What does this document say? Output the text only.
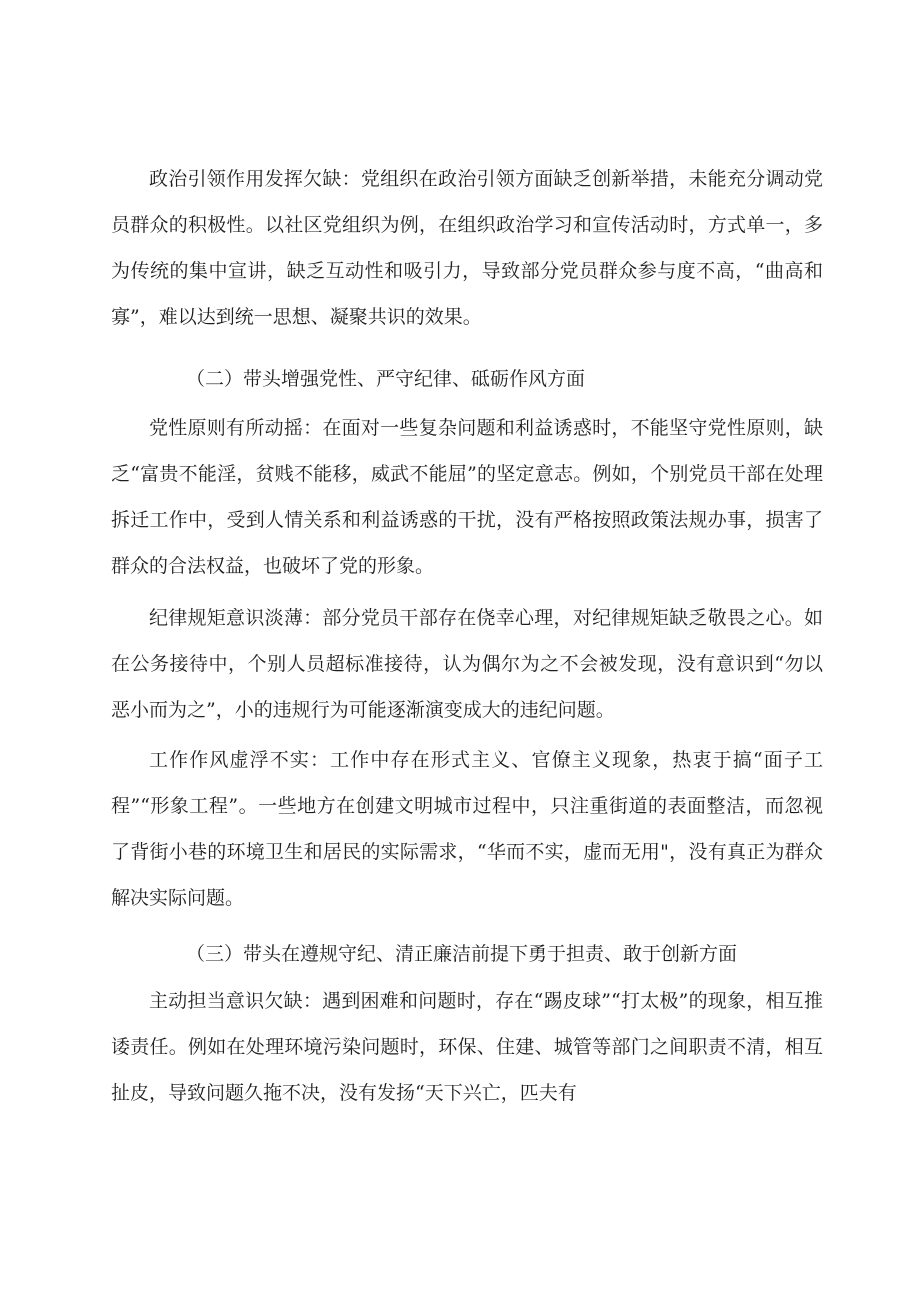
政治引领作用发挥欠缺：党组织在政治引领方面缺乏创新举措，未能充分调动党员群众的积极性。以社区党组织为例，在组织政治学习和宣传活动时，方式单一，多为传统的集中宣讲，缺乏互动性和吸引力，导致部分党员群众参与度不高，“曲高和寡”，难以达到统一思想、凝聚共识的效果。

（二）带头增强党性、严守纪律、砥砺作风方面

党性原则有所动摇：在面对一些复杂问题和利益诱惑时，不能坚守党性原则，缺乏“富贵不能淫，贫贱不能移，威武不能屈”的坚定意志。例如，个别党员干部在处理拆迁工作中，受到人情关系和利益诱惑的干扰，没有严格按照政策法规办事，损害了群众的合法权益，也破坏了党的形象。

纪律规矩意识淡薄：部分党员干部存在侥幸心理，对纪律规矩缺乏敬畏之心。如在公务接待中，个别人员超标准接待，认为偶尔为之不会被发现，没有意识到“勿以恶小而为之”，小的违规行为可能逐渐演变成大的违纪问题。

工作作风虚浮不实：工作中存在形式主义、官僚主义现象，热衷于搞“面子工程”“形象工程”。一些地方在创建文明城市过程中，只注重街道的表面整洁，而忽视了背街小巷的环境卫生和居民的实际需求，“华而不实，虚而无用"，没有真正为群众解决实际问题。

（三）带头在遵规守纪、清正廉洁前提下勇于担责、敢于创新方面

主动担当意识欠缺：遇到困难和问题时，存在“踢皮球”“打太极”的现象，相互推诿责任。例如在处理环境污染问题时，环保、住建、城管等部门之间职责不清，相互扯皮，导致问题久拖不决，没有发扬“天下兴亡，匹夫有
